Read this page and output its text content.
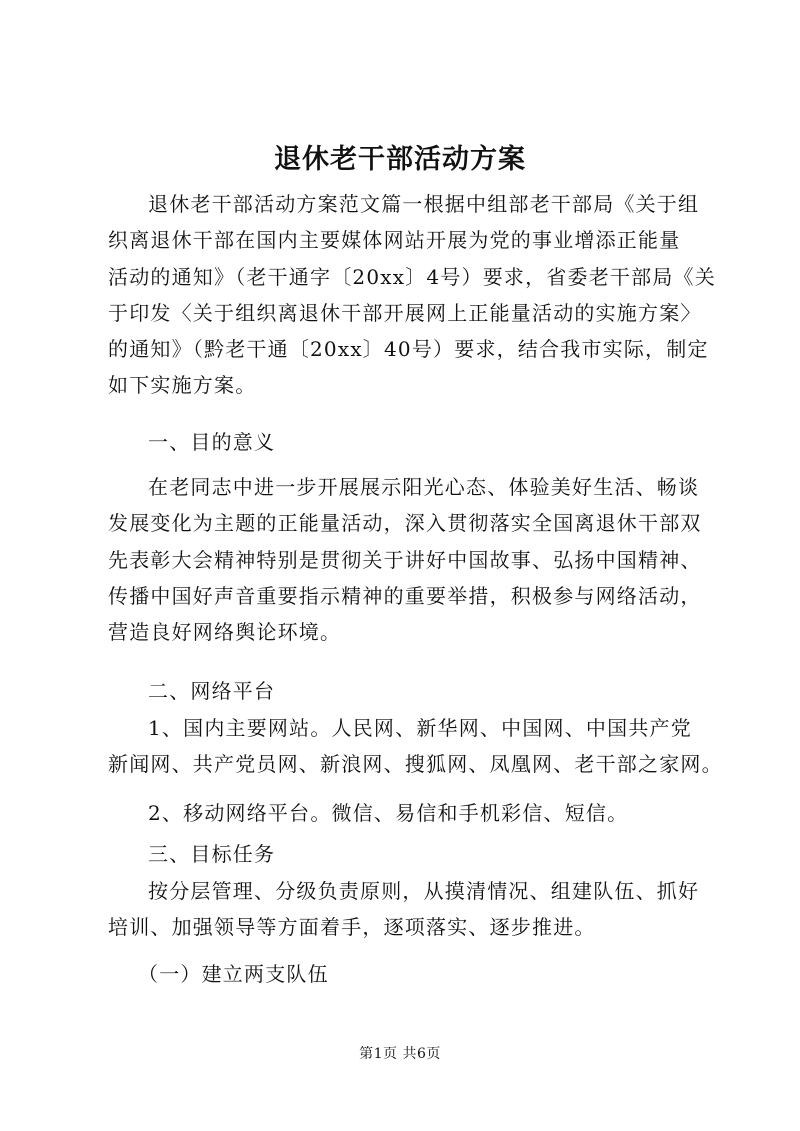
退休老干部活动方案
退休老干部活动方案范文篇一根据中组部老干部局《关于组
织离退休干部在国内主要媒体网站开展为党的事业增添正能量
活动的通知》（老干通字〔20xx〕4号）要求，省委老干部局《关
于印发〈关于组织离退休干部开展网上正能量活动的实施方案〉
的通知》（黔老干通〔20xx〕40号）要求，结合我市实际，制定
如下实施方案。
一、目的意义
在老同志中进一步开展展示阳光心态、体验美好生活、畅谈
发展变化为主题的正能量活动，深入贯彻落实全国离退休干部双
先表彰大会精神特别是贯彻关于讲好中国故事、弘扬中国精神、
传播中国好声音重要指示精神的重要举措，积极参与网络活动，
营造良好网络舆论环境。
二、网络平台
1、国内主要网站。人民网、新华网、中国网、中国共产党
新闻网、共产党员网、新浪网、搜狐网、凤凰网、老干部之家网。
2、移动网络平台。微信、易信和手机彩信、短信。
三、目标任务
按分层管理、分级负责原则，从摸清情况、组建队伍、抓好
培训、加强领导等方面着手，逐项落实、逐步推进。
（一）建立两支队伍
第1页 共6页
